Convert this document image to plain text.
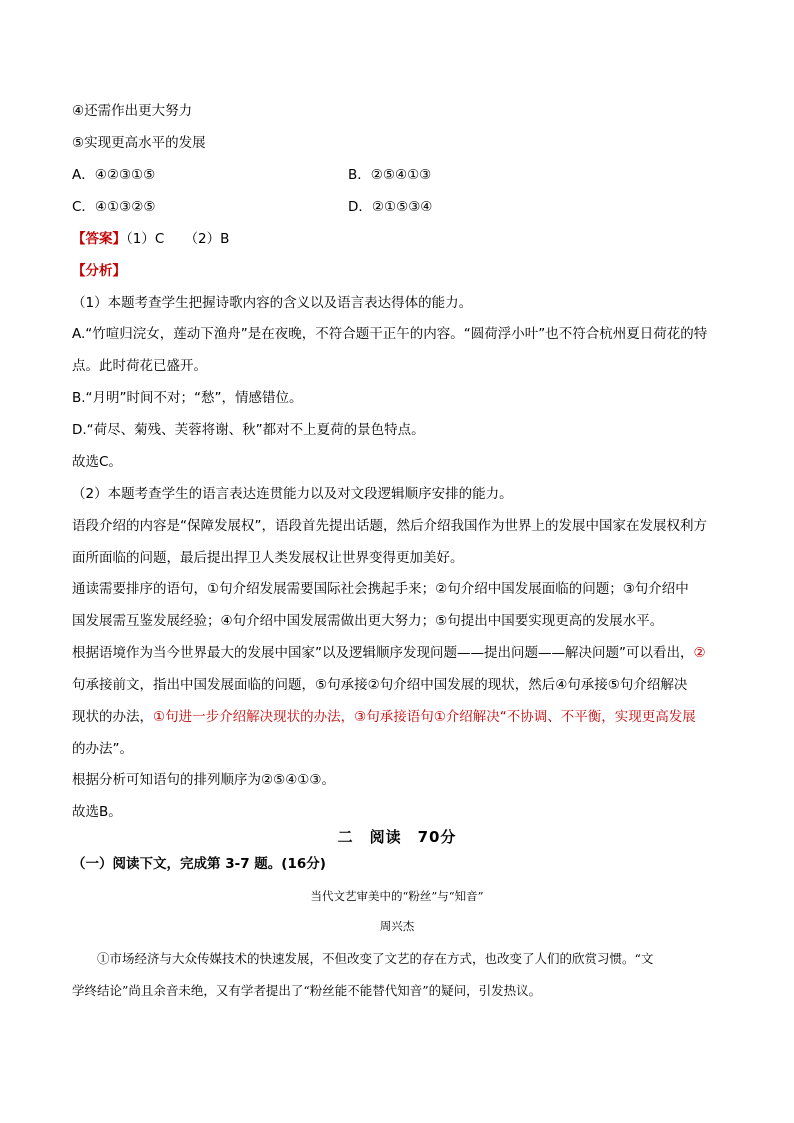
④还需作出更大努力
⑤实现更高水平的发展
A．④②③①⑤	B．②⑤④①③
C．④①③②⑤	D．②①⑤③④
【答案】（1）C　　（2）B
【分析】
（1）本题考查学生把握诗歌内容的含义以及语言表达得体的能力。
A.“竹喧归浣女，莲动下渔舟”是在夜晚，不符合题干正午的内容。“圆荷浮小叶”也不符合杭州夏日荷花的特
点。此时荷花已盛开。
B.“月明”时间不对；“愁”，情感错位。
D.“荷尽、菊残、芙蓉将谢、秋”都对不上夏荷的景色特点。
故选C。
（2）本题考查学生的语言表达连贯能力以及对文段逻辑顺序安排的能力。
语段介绍的内容是“保障发展权”，语段首先提出话题，然后介绍我国作为世界上的发展中国家在发展权利方
面所面临的问题，最后提出捍卫人类发展权让世界变得更加美好。
通读需要排序的语句，①句介绍发展需要国际社会携起手来；②句介绍中国发展面临的问题；③句介绍中
国发展需互鉴发展经验；④句介绍中国发展需做出更大努力；⑤句提出中国要实现更高的发展水平。
根据语境作为当今世界最大的发展中国家”以及逻辑顺序发现问题——提出问题——解决问题”可以看出，②
句承接前文，指出中国发展面临的问题，⑤句承接②句介绍中国发展的现状，然后④句承接⑤句介绍解决
现状的办法，①句进一步介绍解决现状的办法，③句承接语句①介绍解决“不协调、不平衡，实现更高发展
的办法”。
根据分析可知语句的排列顺序为②⑤④①③。
故选B。
二　阅读　70分
（一）阅读下文，完成第 3-7 题。(16分)
当代文艺审美中的“粉丝”与“知音”
周兴杰
①市场经济与大众传媒技术的快速发展，不但改变了文艺的存在方式，也改变了人们的欣赏习惯。“文
学终结论”尚且余音未绝，又有学者提出了“粉丝能不能替代知音”的疑问，引发热议。
